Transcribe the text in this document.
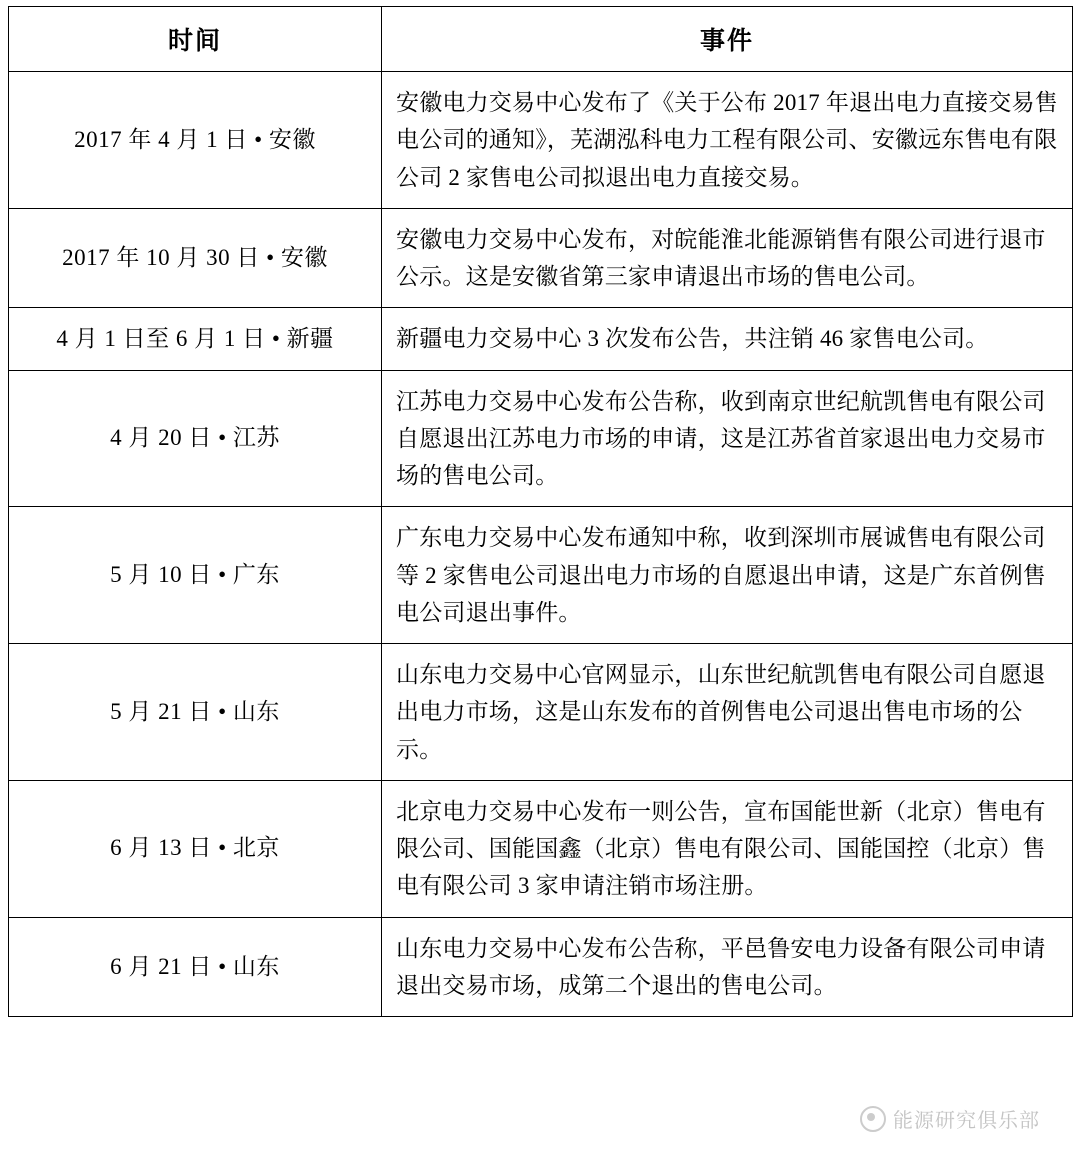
时间	事件
2017 年 4 月 1 日 • 安徽	安徽电力交易中心发布了《关于公布 2017 年退出电力直接交易售电公司的通知》，芜湖泓科电力工程有限公司、安徽远东售电有限公司 2 家售电公司拟退出电力直接交易。
2017 年 10 月 30 日 • 安徽	安徽电力交易中心发布，对皖能淮北能源销售有限公司进行退市公示。这是安徽省第三家申请退出市场的售电公司。
4 月 1 日至 6 月 1 日 • 新疆	新疆电力交易中心 3 次发布公告，共注销 46 家售电公司。
4 月 20 日 • 江苏	江苏电力交易中心发布公告称，收到南京世纪航凯售电有限公司自愿退出江苏电力市场的申请，这是江苏省首家退出电力交易市场的售电公司。
5 月 10 日 • 广东	广东电力交易中心发布通知中称，收到深圳市展诚售电有限公司等 2 家售电公司退出电力市场的自愿退出申请，这是广东首例售电公司退出事件。
5 月 21 日 • 山东	山东电力交易中心官网显示，山东世纪航凯售电有限公司自愿退出电力市场，这是山东发布的首例售电公司退出售电市场的公示。
6 月 13 日 • 北京	北京电力交易中心发布一则公告，宣布国能世新（北京）售电有限公司、国能国鑫（北京）售电有限公司、国能国控（北京）售电有限公司 3 家申请注销市场注册。
6 月 21 日 • 山东	山东电力交易中心发布公告称，平邑鲁安电力设备有限公司申请退出交易市场，成第二个退出的售电公司。
能源研究俱乐部
